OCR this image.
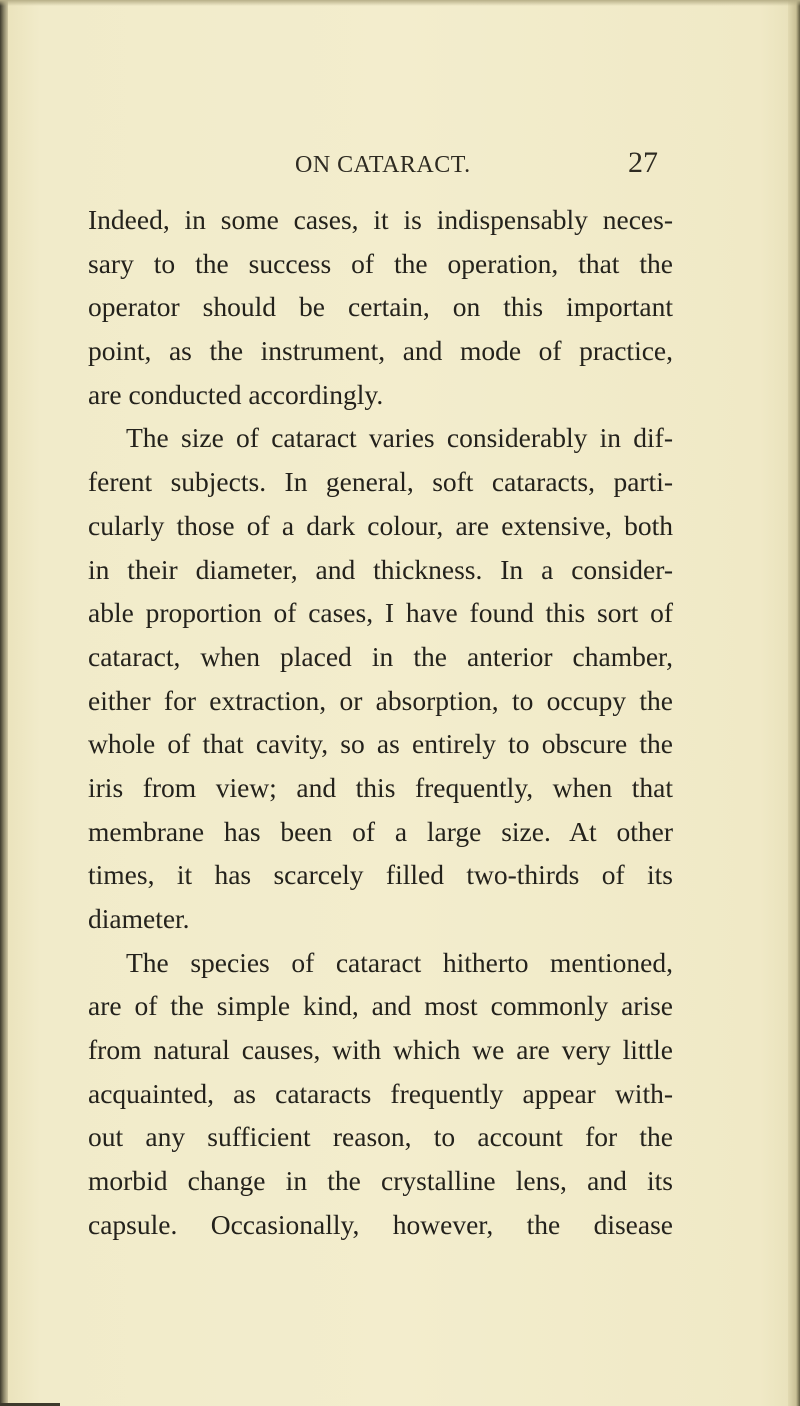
ON CATARACT.	27
Indeed, in some cases, it is indispensably neces-
sary to the success of the operation, that the
operator should be certain, on this important
point, as the instrument, and mode of practice,
are conducted accordingly.
The size of cataract varies considerably in dif-
ferent subjects. In general, soft cataracts, parti-
cularly those of a dark colour, are extensive, both
in their diameter, and thickness. In a consider-
able proportion of cases, I have found this sort of
cataract, when placed in the anterior chamber,
either for extraction, or absorption, to occupy the
whole of that cavity, so as entirely to obscure the
iris from view; and this frequently, when that
membrane has been of a large size. At other
times, it has scarcely filled two-thirds of its
diameter.
The species of cataract hitherto mentioned,
are of the simple kind, and most commonly arise
from natural causes, with which we are very little
acquainted, as cataracts frequently appear with-
out any sufficient reason, to account for the
morbid change in the crystalline lens, and its
capsule. Occasionally, however, the disease
